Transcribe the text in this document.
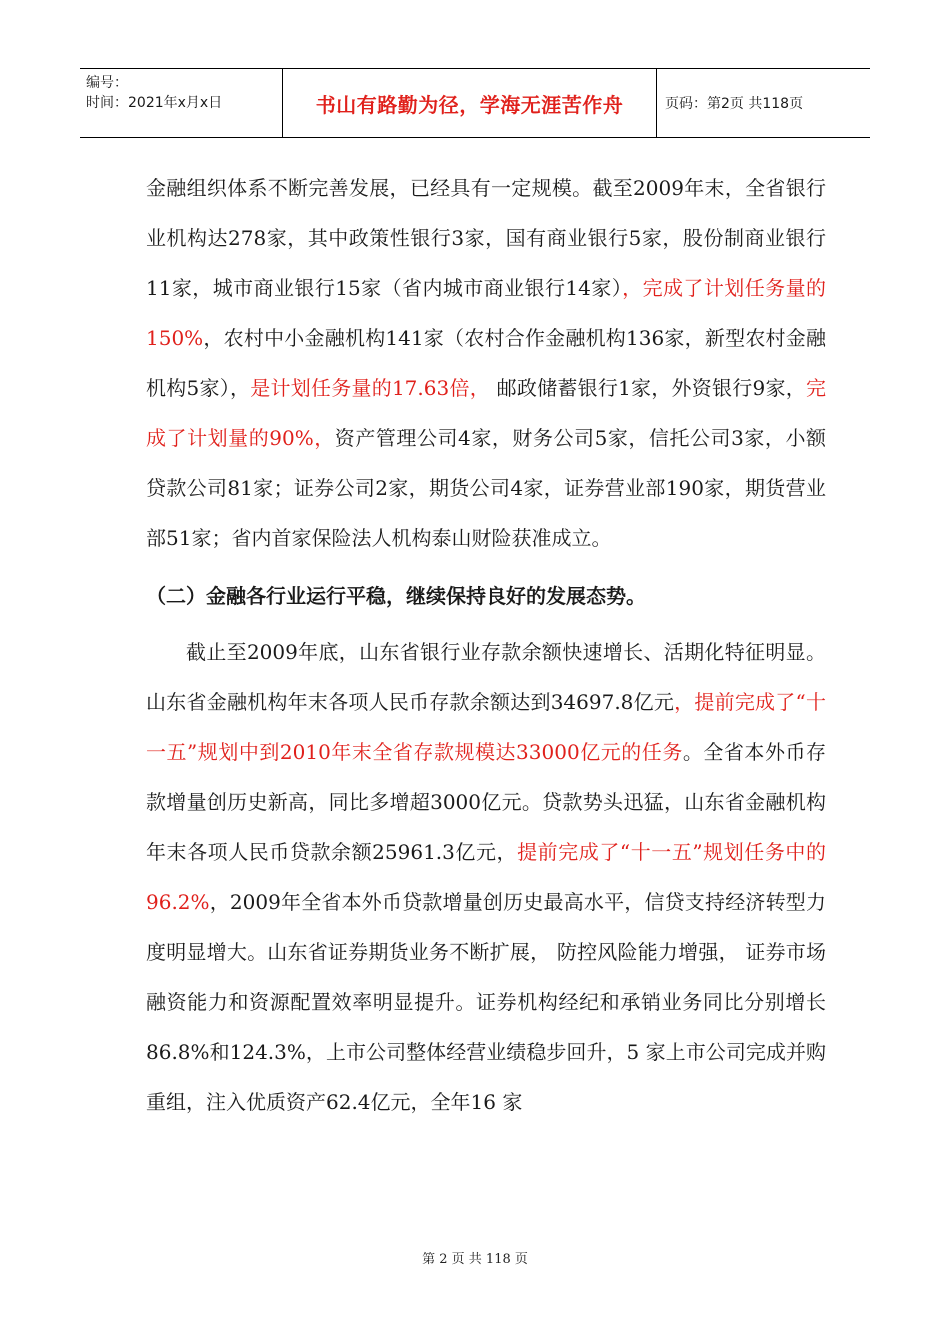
编号：
时间：2021年x月x日	书山有路勤为径，学海无涯苦作舟	页码：第2页 共118页

金融组织体系不断完善发展，已经具有一定规模。截至2009年末，全省银行业机构达278家，其中政策性银行3家，国有商业银行5家，股份制商业银行11家，城市商业银行15家（省内城市商业银行14家），完成了计划任务量的150%，农村中小金融机构141家（农村合作金融机构136家，新型农村金融机构5家），是计划任务量的17.63倍， 邮政储蓄银行1家，外资银行9家，完成了计划量的90%，资产管理公司4家，财务公司5家，信托公司3家，小额贷款公司81家；证券公司2家，期货公司4家，证券营业部190家，期货营业部51家；省内首家保险法人机构泰山财险获准成立。

（二）金融各行业运行平稳，继续保持良好的发展态势。

截止至2009年底，山东省银行业存款余额快速增长、活期化特征明显。山东省金融机构年末各项人民币存款余额达到34697.8亿元，提前完成了“十一五”规划中到2010年末全省存款规模达33000亿元的任务。全省本外币存款增量创历史新高，同比多增超3000亿元。贷款势头迅猛，山东省金融机构年末各项人民币贷款余额25961.3亿元，提前完成了“十一五”规划任务中的96.2%，2009年全省本外币贷款增量创历史最高水平，信贷支持经济转型力度明显增大。山东省证券期货业务不断扩展， 防控风险能力增强， 证券市场融资能力和资源配置效率明显提升。证券机构经纪和承销业务同比分别增长86.8%和124.3%，上市公司整体经营业绩稳步回升，5 家上市公司完成并购重组，注入优质资产62.4亿元，全年16 家

第 2 页 共 118 页
